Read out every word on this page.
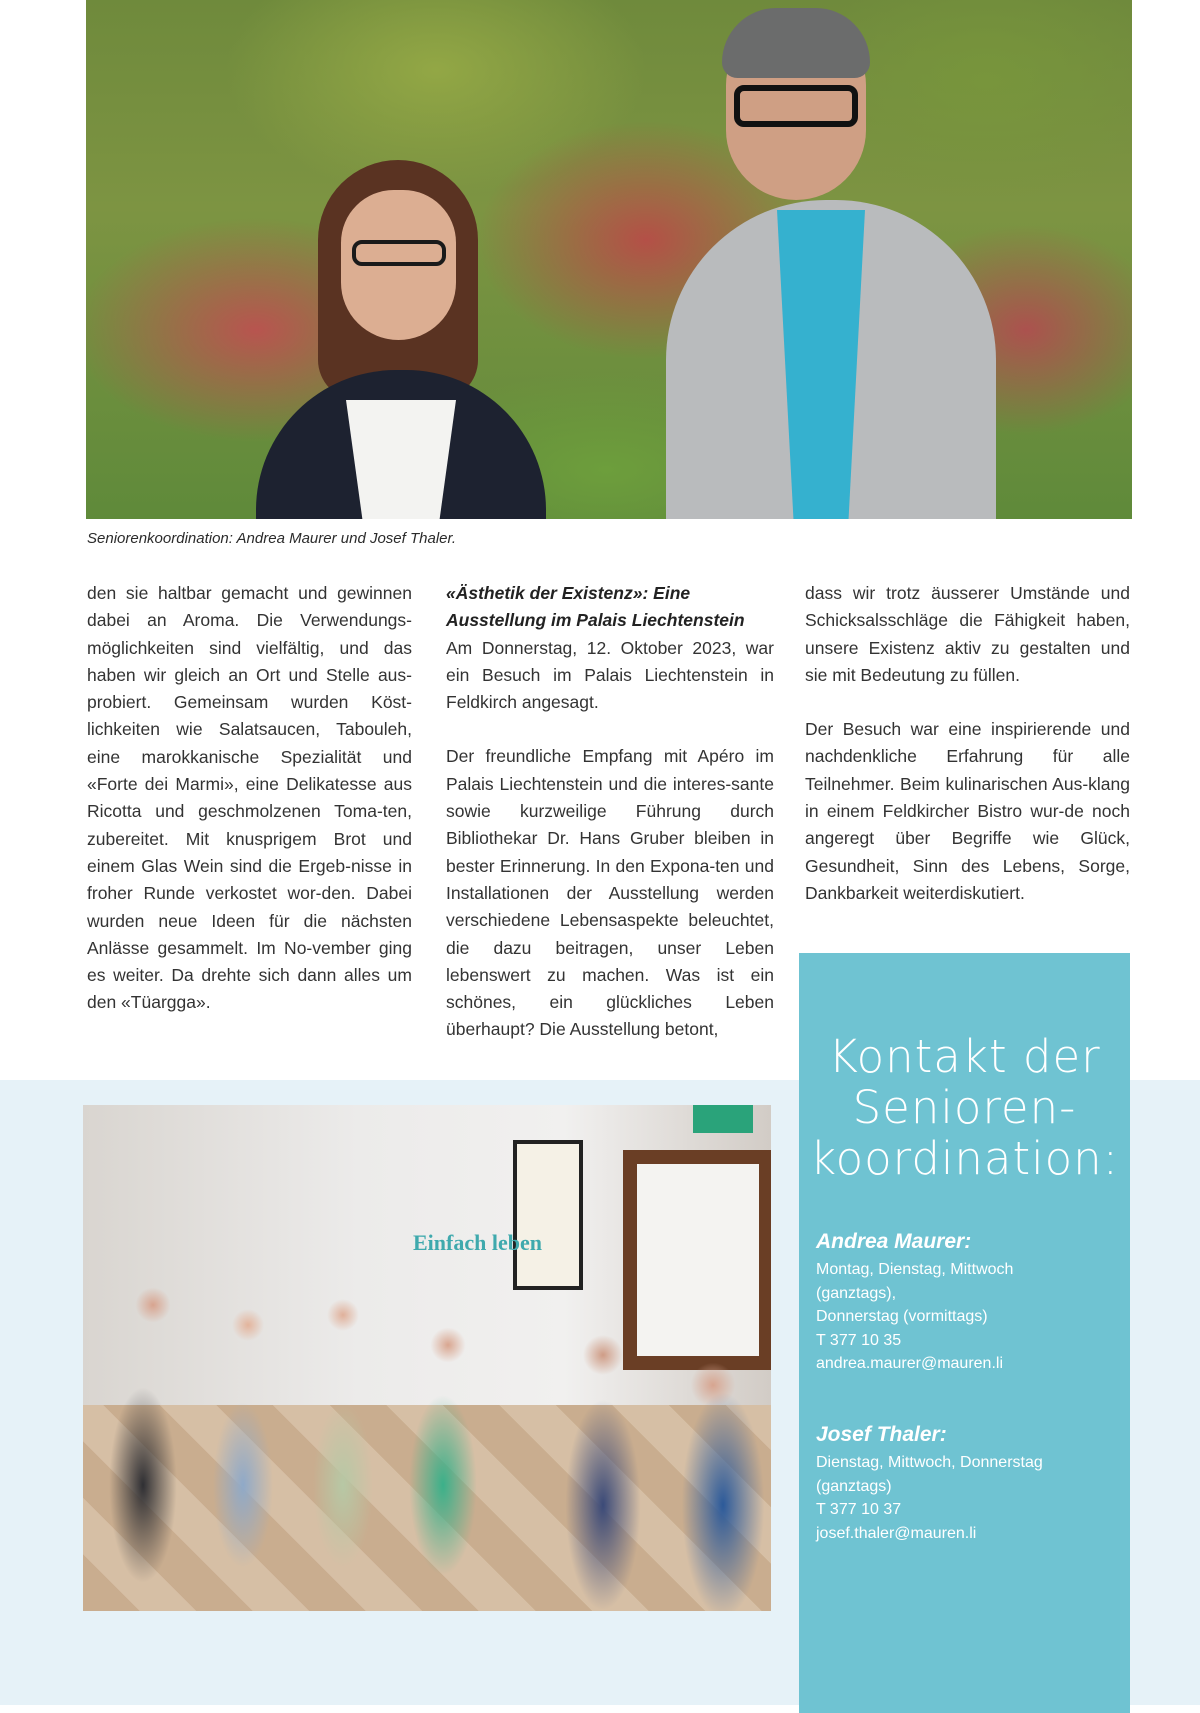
Seniorenkoordination: Andrea Maurer und Josef Thaler.

den sie haltbar gemacht und gewinnen dabei an Aroma. Die Verwendungs-möglichkeiten sind vielfältig, und das haben wir gleich an Ort und Stelle aus-probiert. Gemeinsam wurden Köst-lichkeiten wie Salatsaucen, Tabouleh, eine marokkanische Spezialität und «Forte dei Marmi», eine Delikatesse aus Ricotta und geschmolzenen Toma-ten, zubereitet. Mit knusprigem Brot und einem Glas Wein sind die Ergeb-nisse in froher Runde verkostet wor-den. Dabei wurden neue Ideen für die nächsten Anlässe gesammelt. Im No-vember ging es weiter. Da drehte sich dann alles um den «Tüargga».

«Ästhetik der Existenz»: Eine Ausstellung im Palais Liechtenstein

Am Donnerstag, 12. Oktober 2023, war ein Besuch im Palais Liechtenstein in Feldkirch angesagt.

Der freundliche Empfang mit Apéro im Palais Liechtenstein und die interes-sante sowie kurzweilige Führung durch Bibliothekar Dr. Hans Gruber bleiben in bester Erinnerung. In den Expona-ten und Installationen der Ausstellung werden verschiedene Lebensaspekte beleuchtet, die dazu beitragen, unser Leben lebenswert zu machen. Was ist ein schönes, ein glückliches Leben überhaupt? Die Ausstellung betont,

dass wir trotz äusserer Umstände und Schicksalsschläge die Fähigkeit haben, unsere Existenz aktiv zu gestalten und sie mit Bedeutung zu füllen.

Der Besuch war eine inspirierende und nachdenkliche Erfahrung für alle Teilnehmer. Beim kulinarischen Aus-klang in einem Feldkircher Bistro wur-de noch angeregt über Begriffe wie Glück, Gesundheit, Sinn des Lebens, Sorge, Dankbarkeit weiterdiskutiert.

Einfach leben
Kontakt der
Senioren-
koordination:
Andrea Maurer:
Montag, Dienstag, Mittwoch
(ganztags),
Donnerstag (vormittags)
T 377 10 35
andrea.maurer@mauren.li
Josef Thaler:
Dienstag, Mittwoch, Donnerstag
(ganztags)
T 377 10 37
josef.thaler@mauren.li
